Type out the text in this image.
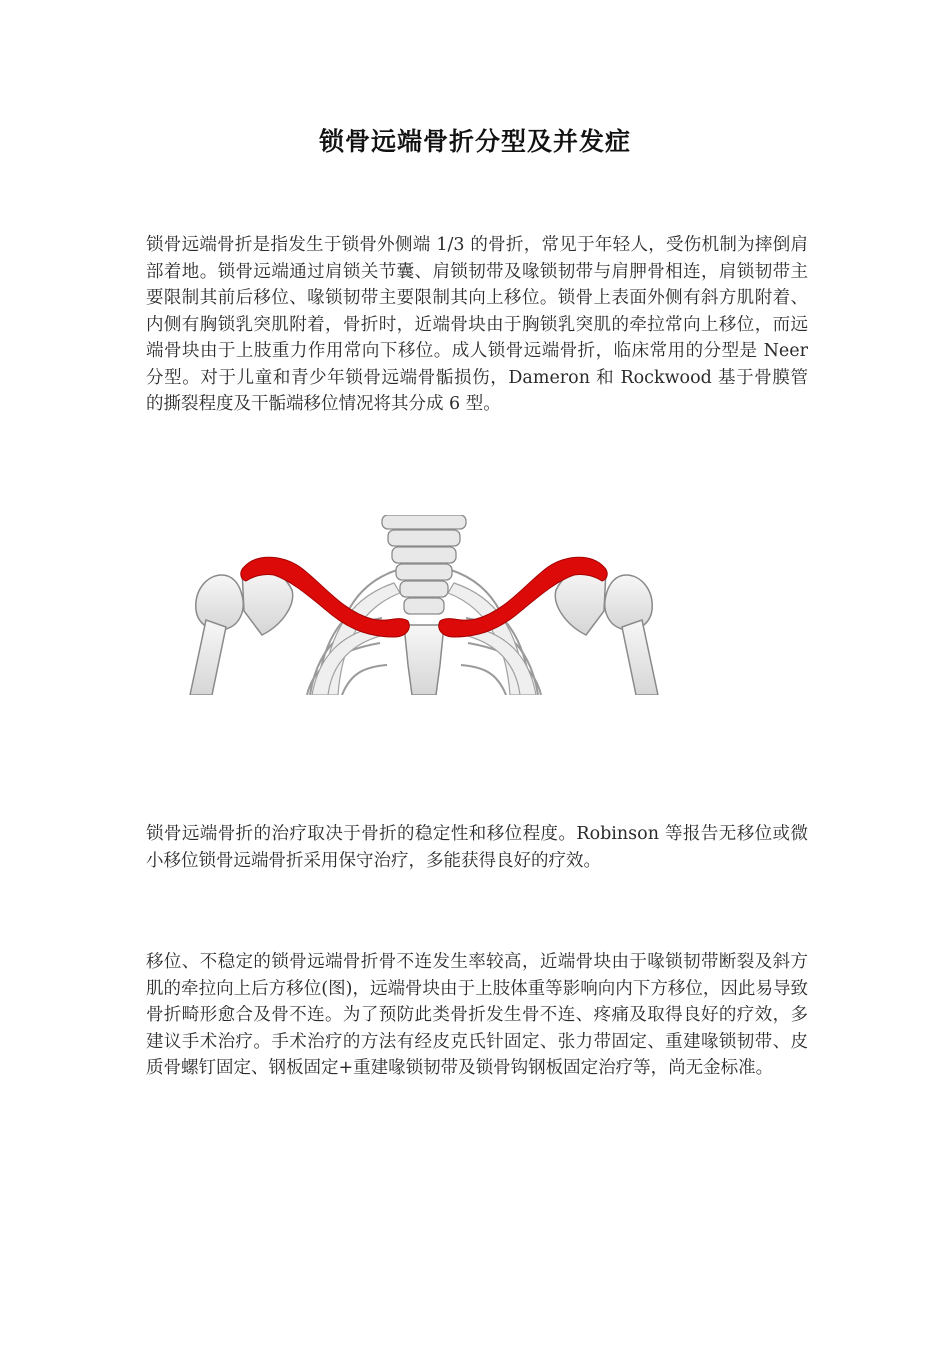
锁骨远端骨折分型及并发症

锁骨远端骨折是指发生于锁骨外侧端 1/3 的骨折，常见于年轻人，受伤机制为摔倒肩部着地。锁骨远端通过肩锁关节囊、肩锁韧带及喙锁韧带与肩胛骨相连，肩锁韧带主要限制其前后移位、喙锁韧带主要限制其向上移位。锁骨上表面外侧有斜方肌附着、内侧有胸锁乳突肌附着，骨折时，近端骨块由于胸锁乳突肌的牵拉常向上移位，而远端骨块由于上肢重力作用常向下移位。成人锁骨远端骨折，临床常用的分型是 Neer 分型。对于儿童和青少年锁骨远端骨骺损伤，Dameron 和 Rockwood 基于骨膜管的撕裂程度及干骺端移位情况将其分成 6 型。

锁骨远端骨折的治疗取决于骨折的稳定性和移位程度。Robinson 等报告无移位或微小移位锁骨远端骨折采用保守治疗，多能获得良好的疗效。

移位、不稳定的锁骨远端骨折骨不连发生率较高，近端骨块由于喙锁韧带断裂及斜方肌的牵拉向上后方移位(图)，远端骨块由于上肢体重等影响向内下方移位，因此易导致骨折畸形愈合及骨不连。为了预防此类骨折发生骨不连、疼痛及取得良好的疗效，多建议手术治疗。手术治疗的方法有经皮克氏针固定、张力带固定、重建喙锁韧带、皮质骨螺钉固定、钢板固定+重建喙锁韧带及锁骨钩钢板固定治疗等，尚无金标准。
